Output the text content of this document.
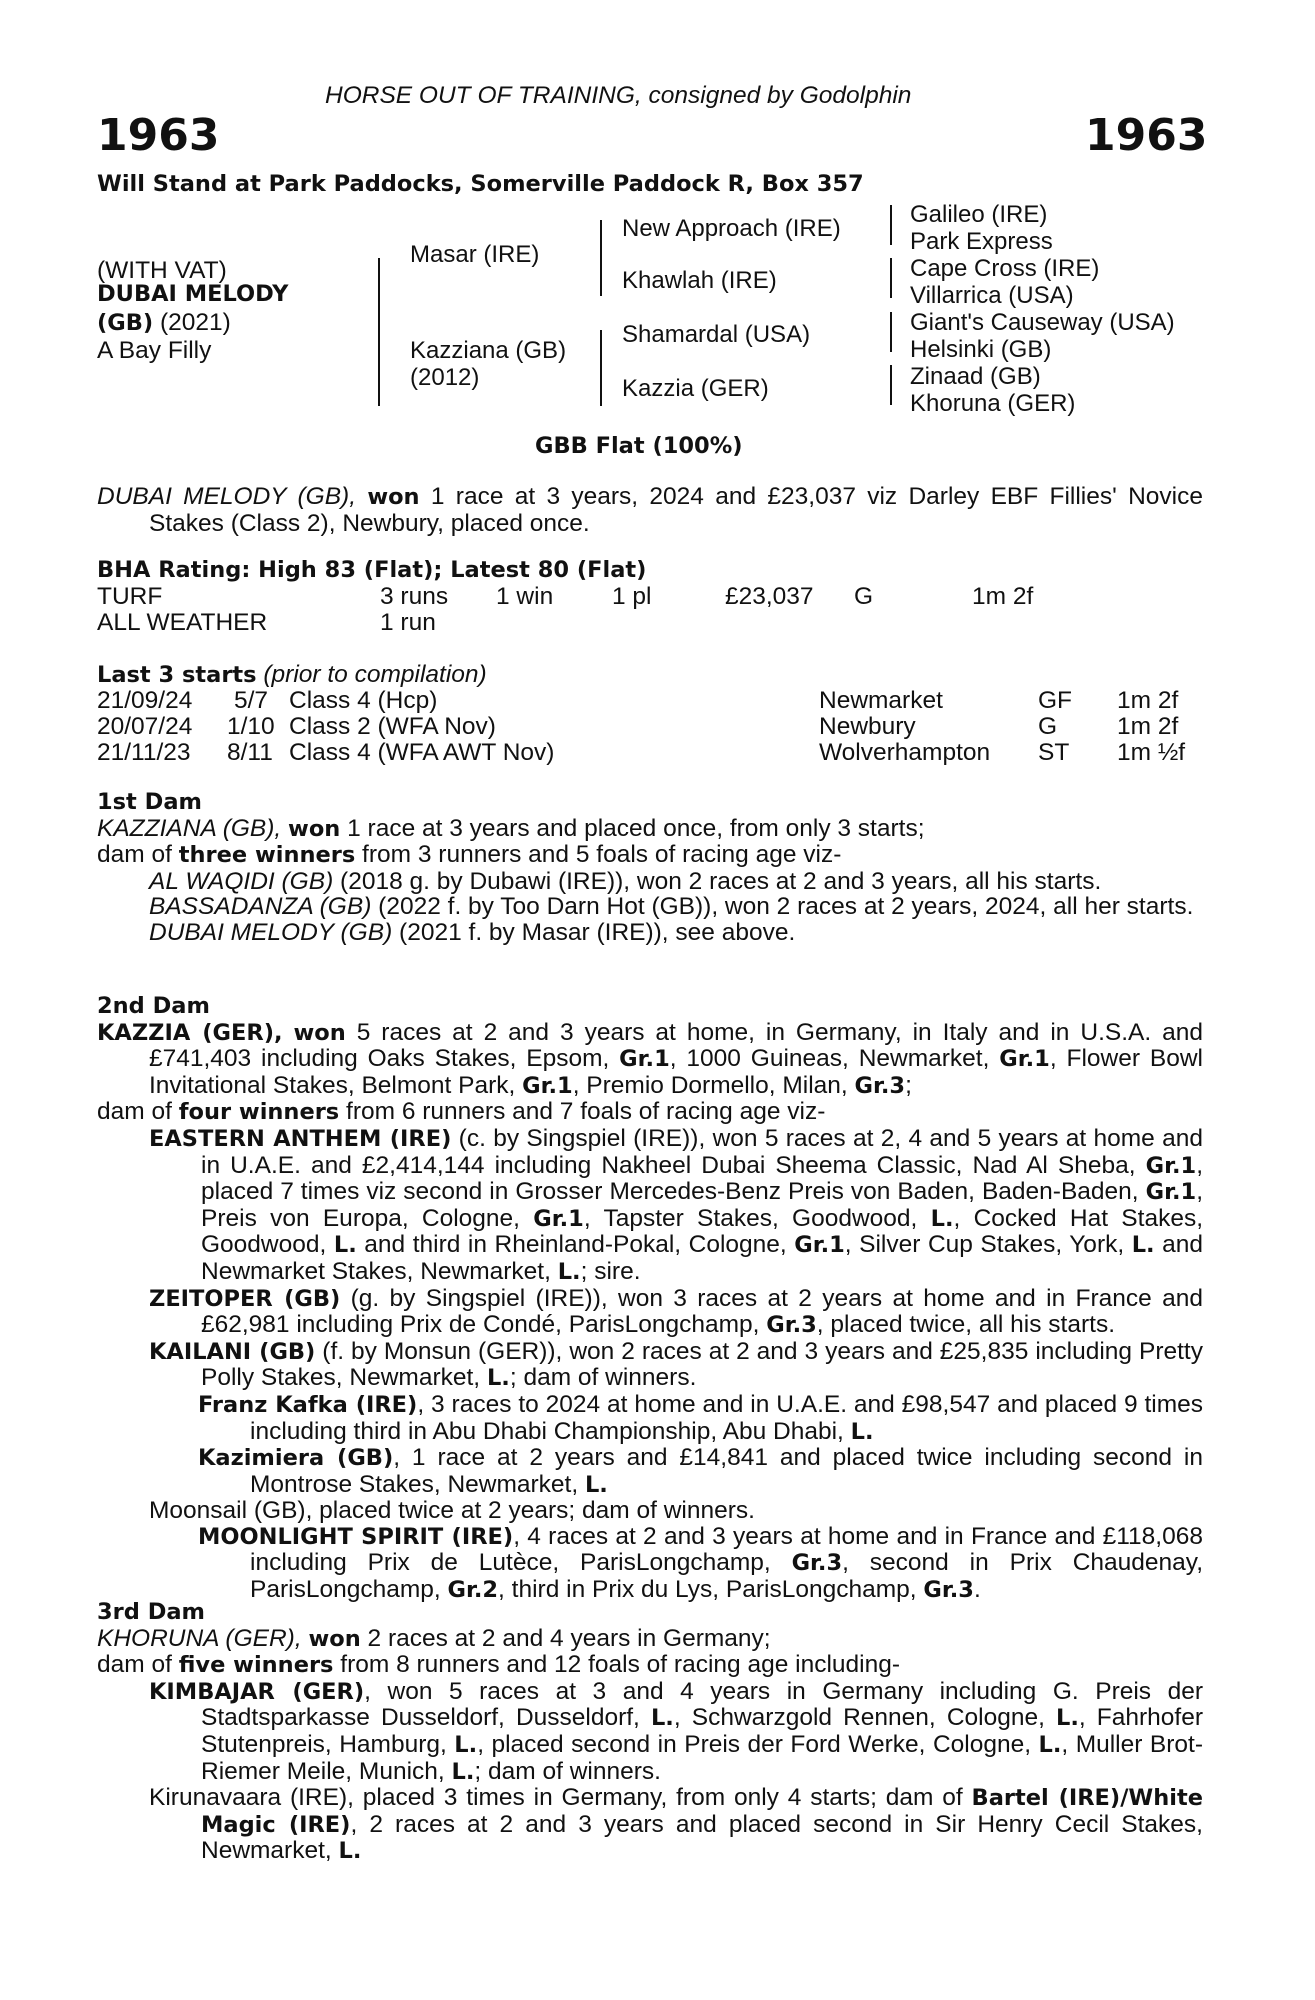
HORSE OUT OF TRAINING, consigned by Godolphin
1963	1963
Will Stand at Park Paddocks, Somerville Paddock R, Box 357
(WITH VAT)
DUBAI MELODY
(GB) (2021)
A Bay Filly
Masar (IRE)
Kazziana (GB)
(2012)
New Approach (IRE)
Khawlah (IRE)
Shamardal (USA)
Kazzia (GER)
Galileo (IRE)
Park Express
Cape Cross (IRE)
Villarrica (USA)
Giant's Causeway (USA)
Helsinki (GB)
Zinaad (GB)
Khoruna (GER)
GBB Flat (100%)

DUBAI MELODY (GB), won 1 race at 3 years, 2024 and £23,037 viz Darley EBF Fillies' Novice Stakes (Class 2), Newbury, placed once.

BHA Rating: High 83 (Flat); Latest 80 (Flat)
TURF	3 runs 1 win 1 pl	£23,037 G	1m 2f
ALL WEATHER	1 run
Last 3 starts (prior to compilation)
21/09/24 5/7 Class 4 (Hcp)	Newmarket	GF 1m 2f
20/07/24 1/10 Class 2 (WFA Nov)	Newbury	G 1m 2f
21/11/23 8/11 Class 4 (WFA AWT Nov)	Wolverhampton ST 1m ½f

1st Dam

KAZZIANA (GB), won 1 race at 3 years and placed once, from only 3 starts;

dam of three winners from 3 runners and 5 foals of racing age viz-

AL WAQIDI (GB) (2018 g. by Dubawi (IRE)), won 2 races at 2 and 3 years, all his starts.

BASSADANZA (GB) (2022 f. by Too Darn Hot (GB)), won 2 races at 2 years, 2024, all her starts.

DUBAI MELODY (GB) (2021 f. by Masar (IRE)), see above.

2nd Dam

KAZZIA (GER), won 5 races at 2 and 3 years at home, in Germany, in Italy and in U.S.A. and £741,403 including Oaks Stakes, Epsom, Gr.1, 1000 Guineas, Newmarket, Gr.1, Flower Bowl Invitational Stakes, Belmont Park, Gr.1, Premio Dormello, Milan, Gr.3;

dam of four winners from 6 runners and 7 foals of racing age viz-

EASTERN ANTHEM (IRE) (c. by Singspiel (IRE)), won 5 races at 2, 4 and 5 years at home and in U.A.E. and £2,414,144 including Nakheel Dubai Sheema Classic, Nad Al Sheba, Gr.1, placed 7 times viz second in Grosser Mercedes-Benz Preis von Baden, Baden-Baden, Gr.1, Preis von Europa, Cologne, Gr.1, Tapster Stakes, Goodwood, L., Cocked Hat Stakes, Goodwood, L. and third in Rheinland-Pokal, Cologne, Gr.1, Silver Cup Stakes, York, L. and Newmarket Stakes, Newmarket, L.; sire.

ZEITOPER (GB) (g. by Singspiel (IRE)), won 3 races at 2 years at home and in France and £62,981 including Prix de Condé, ParisLongchamp, Gr.3, placed twice, all his starts.

KAILANI (GB) (f. by Monsun (GER)), won 2 races at 2 and 3 years and £25,835 including Pretty Polly Stakes, Newmarket, L.; dam of winners.

Franz Kafka (IRE), 3 races to 2024 at home and in U.A.E. and £98,547 and placed 9 times including third in Abu Dhabi Championship, Abu Dhabi, L.

Kazimiera (GB), 1 race at 2 years and £14,841 and placed twice including second in Montrose Stakes, Newmarket, L.

Moonsail (GB), placed twice at 2 years; dam of winners.

MOONLIGHT SPIRIT (IRE), 4 races at 2 and 3 years at home and in France and £118,068 including Prix de Lutèce, ParisLongchamp, Gr.3, second in Prix Chaudenay, ParisLongchamp, Gr.2, third in Prix du Lys, ParisLongchamp, Gr.3.

3rd Dam

KHORUNA (GER), won 2 races at 2 and 4 years in Germany;

dam of five winners from 8 runners and 12 foals of racing age including-

KIMBAJAR (GER), won 5 races at 3 and 4 years in Germany including G. Preis der Stadtsparkasse Dusseldorf, Dusseldorf, L., Schwarzgold Rennen, Cologne, L., Fahrhofer Stutenpreis, Hamburg, L., placed second in Preis der Ford Werke, Cologne, L., Muller Brot-Riemer Meile, Munich, L.; dam of winners.

Kirunavaara (IRE), placed 3 times in Germany, from only 4 starts; dam of Bartel (IRE)/White Magic (IRE), 2 races at 2 and 3 years and placed second in Sir Henry Cecil Stakes, Newmarket, L.
